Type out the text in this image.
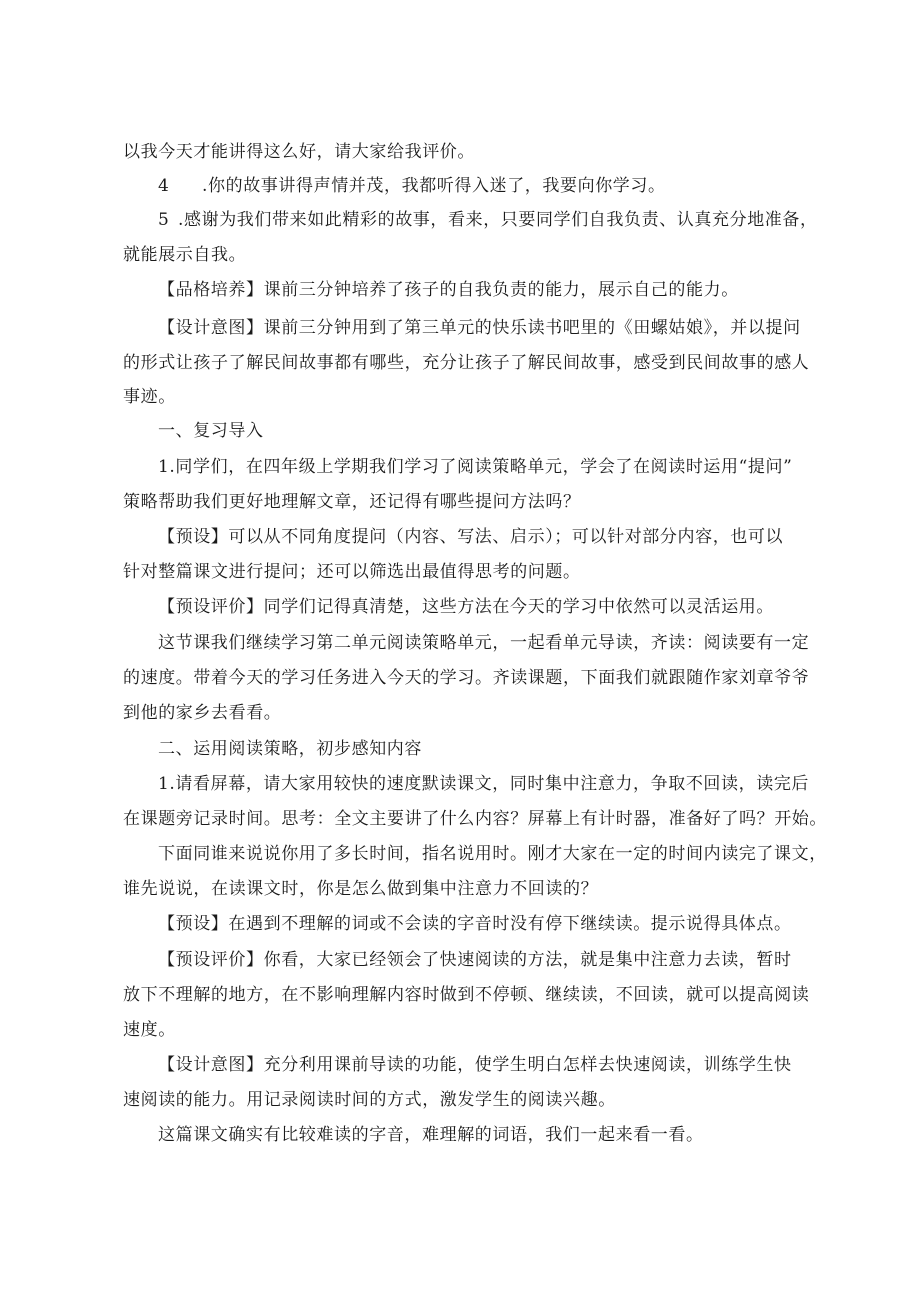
以我今天才能讲得这么好，请大家给我评价。
4 .你的故事讲得声情并茂，我都听得入迷了，我要向你学习。
5 .感谢为我们带来如此精彩的故事，看来，只要同学们自我负责、认真充分地准备，
就能展示自我。
【品格培养】课前三分钟培养了孩子的自我负责的能力，展示自己的能力。
【设计意图】课前三分钟用到了第三单元的快乐读书吧里的《田螺姑娘》，并以提问
的形式让孩子了解民间故事都有哪些，充分让孩子了解民间故事，感受到民间故事的感人
事迹。
一、复习导入
1.同学们，在四年级上学期我们学习了阅读策略单元，学会了在阅读时运用“提问”
策略帮助我们更好地理解文章，还记得有哪些提问方法吗？
【预设】可以从不同角度提问（内容、写法、启示）；可以针对部分内容，也可以
针对整篇课文进行提问；还可以筛选出最值得思考的问题。
【预设评价】同学们记得真清楚，这些方法在今天的学习中依然可以灵活运用。
这节课我们继续学习第二单元阅读策略单元，一起看单元导读，齐读：阅读要有一定
的速度。带着今天的学习任务进入今天的学习。齐读课题，下面我们就跟随作家刘章爷爷
到他的家乡去看看。
二、运用阅读策略，初步感知内容
1.请看屏幕，请大家用较快的速度默读课文，同时集中注意力，争取不回读，读完后
在课题旁记录时间。思考：全文主要讲了什么内容？屏幕上有计时器，准备好了吗？开始。
下面同谁来说说你用了多长时间，指名说用时。刚才大家在一定的时间内读完了课文，
谁先说说，在读课文时，你是怎么做到集中注意力不回读的？
【预设】在遇到不理解的词或不会读的字音时没有停下继续读。提示说得具体点。
【预设评价】你看，大家已经领会了快速阅读的方法，就是集中注意力去读，暂时
放下不理解的地方，在不影响理解内容时做到不停顿、继续读，不回读，就可以提高阅读
速度。
【设计意图】充分利用课前导读的功能，使学生明白怎样去快速阅读，训练学生快
速阅读的能力。用记录阅读时间的方式，激发学生的阅读兴趣。
这篇课文确实有比较难读的字音，难理解的词语，我们一起来看一看。
